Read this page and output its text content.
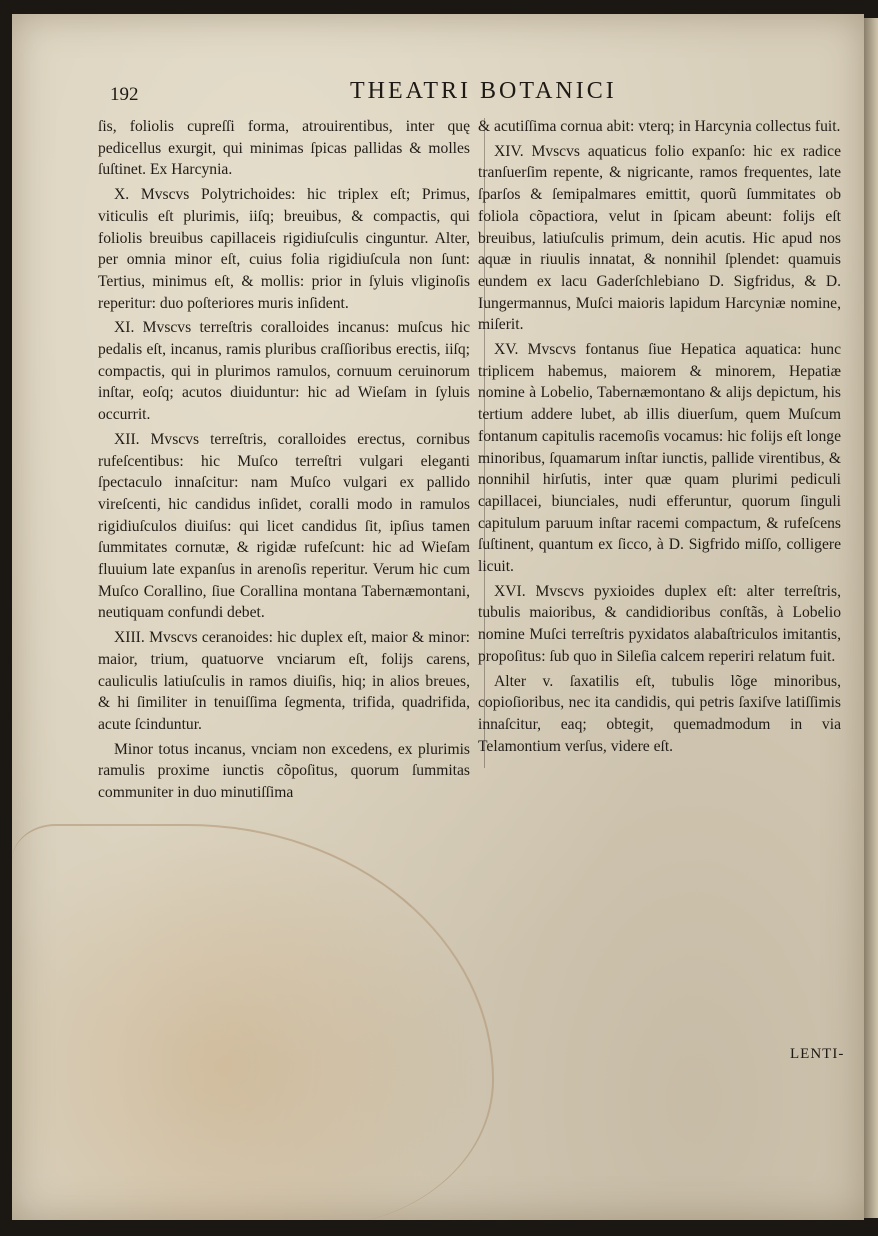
192	THEATRI BOTANICI

ſis, foliolis cupreſſi forma, atrouirentibus, inter quę pedicellus exurgit, qui minimas ſpicas pallidas & molles ſuſtinet. Ex Harcynia.

X. Mvscvs Polytrichoides: hic triplex eſt; Primus, viticulis eſt plurimis, iiſq; breuibus, & compactis, qui foliolis breuibus capillaceis rigidiuſculis cinguntur. Alter, per omnia minor eſt, cuius folia rigidiuſcula non ſunt: Tertius, minimus eſt, & mollis: prior in ſyluis vliginoſis reperitur: duo poſteriores muris inſident.

XI. Mvscvs terreſtris coralloides incanus: muſcus hic pedalis eſt, incanus, ramis pluribus craſſioribus erectis, iiſq; compactis, qui in plurimos ramulos, cornuum ceruinorum inſtar, eoſq; acutos diuiduntur: hic ad Wieſam in ſyluis occurrit.

XII. Mvscvs terreſtris, coralloides erectus, cornibus rufeſcentibus: hic Muſco terreſtri vulgari eleganti ſpectaculo innaſcitur: nam Muſco vulgari ex pallido vireſcenti, hic candidus inſidet, coralli modo in ramulos rigidiuſculos diuiſus: qui licet candidus ſit, ipſius tamen ſummitates cornutæ, & rigidæ rufeſcunt: hic ad Wieſam fluuium late expanſus in arenoſis reperitur. Verum hic cum Muſco Corallino, ſiue Corallina montana Tabernæmontani, neutiquam confundi debet.

XIII. Mvscvs ceranoides: hic duplex eſt, maior & minor: maior, trium, quatuorve vnciarum eſt, folijs carens, cauliculis latiuſculis in ramos diuiſis, hiq; in alios breues, & hi ſimiliter in tenuiſſima ſegmenta, trifida, quadrifida, acute ſcinduntur.

Minor totus incanus, vnciam non excedens, ex plurimis ramulis proxime iunctis cõpoſitus, quorum ſummitas communiter in duo minutiſſima

& acutiſſima cornua abit: vterq; in Harcynia collectus fuit.

XIV. Mvscvs aquaticus folio expanſo: hic ex radice tranſuerſim repente, & nigricante, ramos frequentes, late ſparſos & ſemipalmares emittit, quorũ ſummitates ob foliola cõpactiora, velut in ſpicam abeunt: folijs eſt breuibus, latiuſculis primum, dein acutis. Hic apud nos aquæ in riuulis innatat, & nonnihil ſplendet: quamuis eundem ex lacu Gaderſchlebiano D. Sigfridus, & D. Iungermannus, Muſci maioris lapidum Harcyniæ nomine, miſerit.

XV. Mvscvs fontanus ſiue Hepatica aquatica: hunc triplicem habemus, maiorem & minorem, Hepatiæ nomine à Lobelio, Tabernæmontano & alijs depictum, his tertium addere lubet, ab illis diuerſum, quem Muſcum fontanum capitulis racemoſis vocamus: hic folijs eſt longe minoribus, ſquamarum inſtar iunctis, pallide virentibus, & nonnihil hirſutis, inter quæ quam plurimi pediculi capillacei, biunciales, nudi efferuntur, quorum ſinguli capitulum paruum inſtar racemi compactum, & rufeſcens ſuſtinent, quantum ex ſicco, à D. Sigfrido miſſo, colligere licuit.

XVI. Mvscvs pyxioides duplex eſt: alter terreſtris, tubulis maioribus, & candidioribus conſtãs, à Lobelio nomine Muſci terreſtris pyxidatos alabaſtriculos imitantis, propoſitus: ſub quo in Sileſia calcem reperiri relatum fuit.

Alter v. ſaxatilis eſt, tubulis lõge minoribus, copioſioribus, nec ita candidis, qui petris ſaxiſve latiſſimis innaſcitur, eaq; obtegit, quemadmodum in via Telamontium verſus, videre eſt.

LENTI-
